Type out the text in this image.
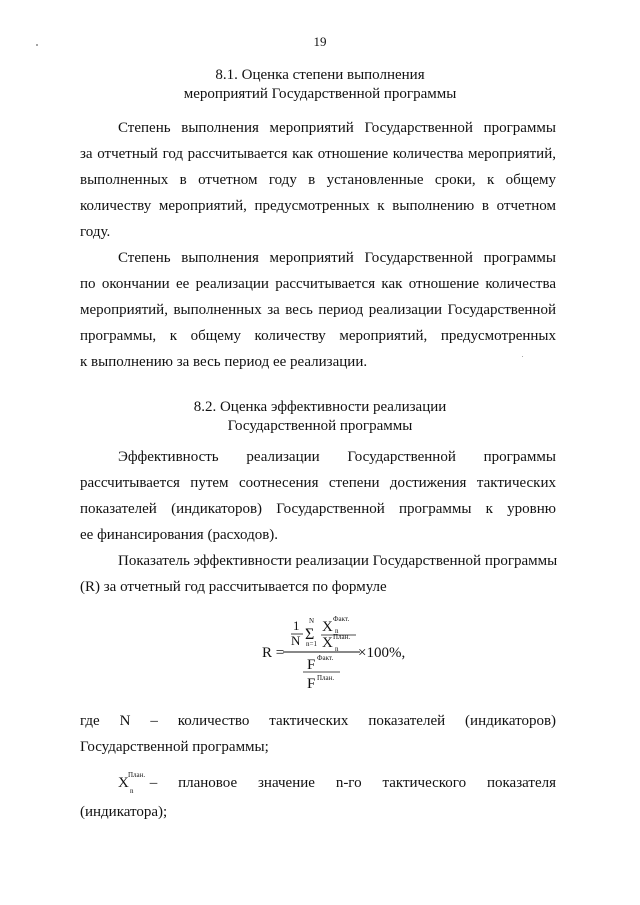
19
8.1. Оценка степени выполнения
мероприятий Государственной программы
Степень выполнения мероприятий Государственной программы
за отчетный год рассчитывается как отношение количества мероприятий,
выполненных в отчетном году в установленные сроки, к общему
количеству мероприятий, предусмотренных к выполнению в отчетном
году.
Степень выполнения мероприятий Государственной программы
по окончании ее реализации рассчитывается как отношение количества
мероприятий, выполненных за весь период реализации Государственной
программы, к общему количеству мероприятий, предусмотренных
к выполнению за весь период ее реализации.
8.2. Оценка эффективности реализации
Государственной программы
Эффективность реализации Государственной программы
рассчитывается путем соотнесения степени достижения тактических
показателей (индикаторов) Государственной программы к уровню
ее финансирования (расходов).
Показатель эффективности реализации Государственной программы
(R) за отчетный год рассчитывается по формуле
R =
1
N
N
Σ
n=1
X Факт.
n
X План.
n
F Факт.
F План.
×100%,
где N – количество тактических показателей (индикаторов)
Государственной программы;
X План.
n – плановое значение n-го тактического показателя
(индикатора);
